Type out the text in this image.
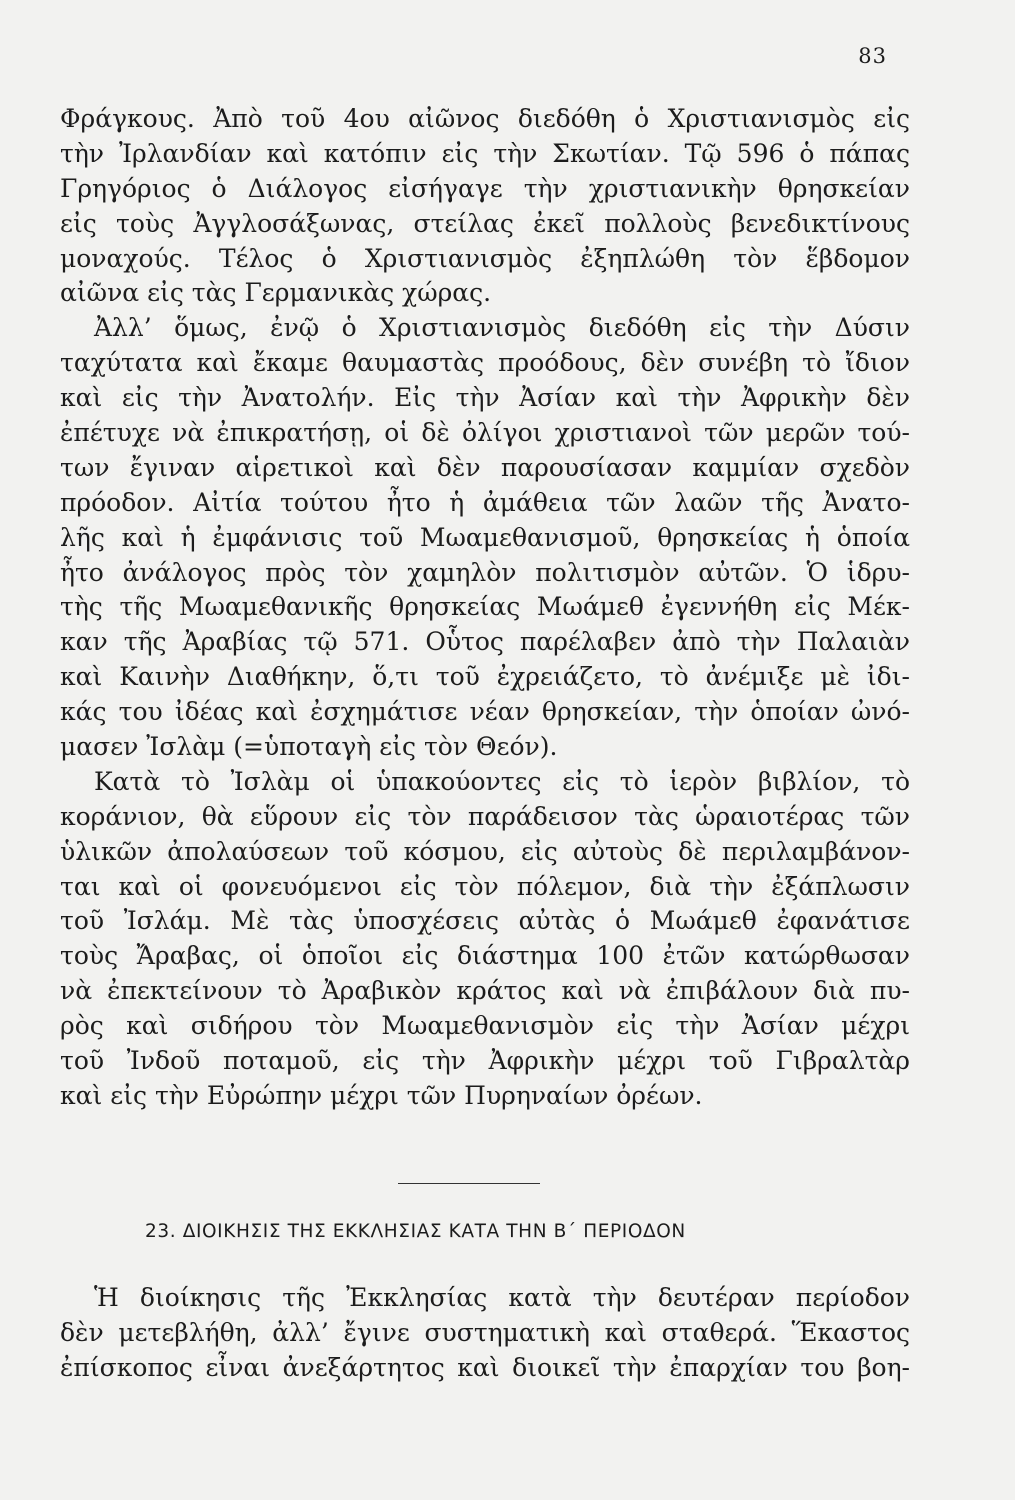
83
Φράγκους. Ἀπὸ τοῦ 4ου αἰῶνος διεδόθη ὁ Χριστιανισμὸς εἰς
τὴν Ἰρλανδίαν καὶ κατόπιν εἰς τὴν Σκωτίαν. Τῷ 596 ὁ πάπας
Γρηγόριος ὁ Διάλογος εἰσήγαγε τὴν χριστιανικὴν θρησκείαν
εἰς τοὺς Ἀγγλοσάξωνας, στείλας ἐκεῖ πολλοὺς βενεδικτίνους
μοναχούς. Τέλος ὁ Χριστιανισμὸς ἐξηπλώθη τὸν ἕβδομον
αἰῶνα εἰς τὰς Γερμανικὰς χώρας.
Ἀλλ’ ὅμως, ἐνῷ ὁ Χριστιανισμὸς διεδόθη εἰς τὴν Δύσιν
ταχύτατα καὶ ἔκαμε θαυμαστὰς προόδους, δὲν συνέβη τὸ ἴδιον
καὶ εἰς τὴν Ἀνατολήν. Εἰς τὴν Ἀσίαν καὶ τὴν Ἀφρικὴν δὲν
ἐπέτυχε νὰ ἐπικρατήσῃ, οἱ δὲ ὀλίγοι χριστιανοὶ τῶν μερῶν τού-
των ἔγιναν αἱρετικοὶ καὶ δὲν παρουσίασαν καμμίαν σχεδὸν
πρόοδον. Αἰτία τούτου ἦτο ἡ ἀμάθεια τῶν λαῶν τῆς Ἀνατο-
λῆς καὶ ἡ ἐμφάνισις τοῦ Μωαμεθανισμοῦ, θρησκείας ἡ ὁποία
ἦτο ἀνάλογος πρὸς τὸν χαμηλὸν πολιτισμὸν αὐτῶν. Ὁ ἱδρυ-
τὴς τῆς Μωαμεθανικῆς θρησκείας Μωάμεθ ἐγεννήθη εἰς Μέκ-
καν τῆς Ἀραβίας τῷ 571. Οὗτος παρέλαβεν ἀπὸ τὴν Παλαιὰν
καὶ Καινὴν Διαθήκην, ὅ,τι τοῦ ἐχρειάζετο, τὸ ἀνέμιξε μὲ ἰδι-
κάς του ἰδέας καὶ ἐσχημάτισε νέαν θρησκείαν, τὴν ὁποίαν ὠνό-
μασεν Ἰσλὰμ (=ὑποταγὴ εἰς τὸν Θεόν).
Κατὰ τὸ Ἰσλὰμ οἱ ὑπακούοντες εἰς τὸ ἱερὸν βιβλίον, τὸ
κοράνιον, θὰ εὕρουν εἰς τὸν παράδεισον τὰς ὡραιοτέρας τῶν
ὑλικῶν ἀπολαύσεων τοῦ κόσμου, εἰς αὐτοὺς δὲ περιλαμβάνον-
ται καὶ οἱ φονευόμενοι εἰς τὸν πόλεμον, διὰ τὴν ἐξάπλωσιν
τοῦ Ἰσλάμ. Μὲ τὰς ὑποσχέσεις αὐτὰς ὁ Μωάμεθ ἐφανάτισε
τοὺς Ἄραβας, οἱ ὁποῖοι εἰς διάστημα 100 ἐτῶν κατώρθωσαν
νὰ ἐπεκτείνουν τὸ Ἀραβικὸν κράτος καὶ νὰ ἐπιβάλουν διὰ πυ-
ρὸς καὶ σιδήρου τὸν Μωαμεθανισμὸν εἰς τὴν Ἀσίαν μέχρι
τοῦ Ἰνδοῦ ποταμοῦ, εἰς τὴν Ἀφρικὴν μέχρι τοῦ Γιβραλτὰρ
καὶ εἰς τὴν Εὐρώπην μέχρι τῶν Πυρηναίων ὀρέων.
23. ΔΙΟΙΚΗΣΙΣ ΤΗΣ ΕΚΚΛΗΣΙΑΣ ΚΑΤΑ ΤΗΝ Β΄ ΠΕΡΙΟΔΟΝ
Ἡ διοίκησις τῆς Ἐκκλησίας κατὰ τὴν δευτέραν περίοδον
δὲν μετεβλήθη, ἀλλ’ ἔγινε συστηματικὴ καὶ σταθερά. Ἕκαστος
ἐπίσκοπος εἶναι ἀνεξάρτητος καὶ διοικεῖ τὴν ἐπαρχίαν του βοη-
